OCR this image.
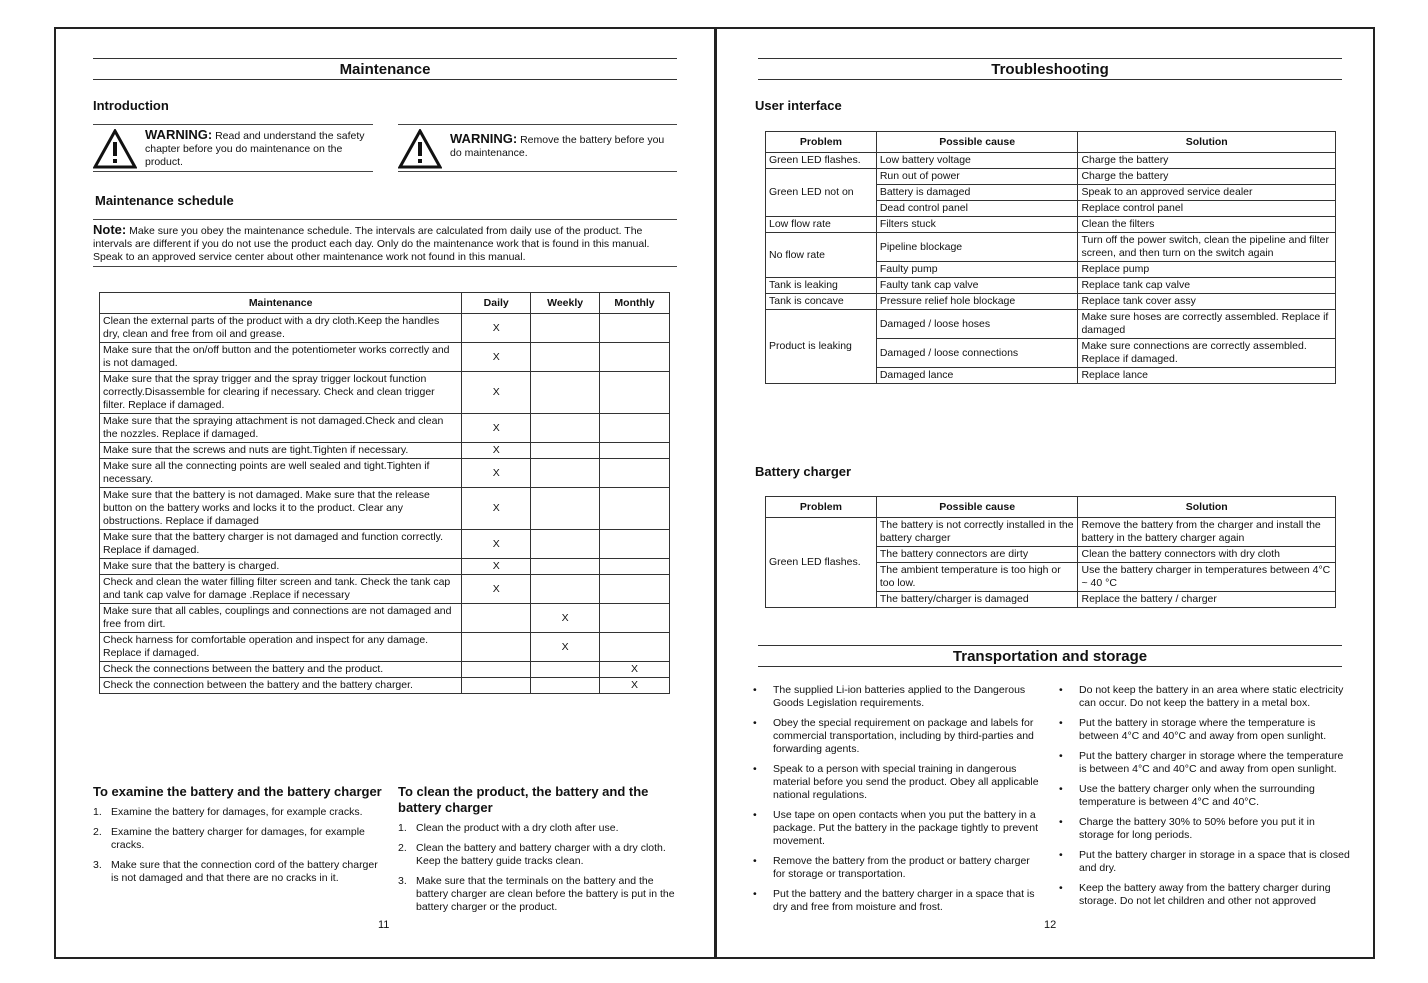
Maintenance
Introduction
WARNING: Read and understand the safety chapter before you do maintenance on the product.
WARNING: Remove the battery before you do maintenance.
Maintenance schedule
Note: Make sure you obey the maintenance schedule. The intervals are calculated from daily use of the product. The intervals are different if you do not use the product each day. Only do the maintenance work that is found in this manual. Speak to an approved service center about other maintenance work not found in this manual.
Maintenance	Daily	Weekly	Monthly
Clean the external parts of the product with a dry cloth.Keep the handles dry, clean and free from oil and grease.	X		
Make sure that the on/off button and the potentiometer works correctly and is not damaged.	X		
Make sure that the spray trigger and the spray trigger lockout function correctly.Disassemble for clearing if necessary. Check and clean trigger filter. Replace if damaged.	X		
Make sure that the spraying attachment is not damaged.Check and clean the nozzles. Replace if damaged.	X		
Make sure that the screws and nuts are tight.Tighten if necessary.	X		
Make sure all the connecting points are well sealed and tight.Tighten if necessary.	X		
Make sure that the battery is not damaged. Make sure that the release button on the battery works and locks it to the product. Clear any obstructions. Replace if damaged	X		
Make sure that the battery charger is not damaged and function correctly. Replace if damaged.	X		
Make sure that the battery is charged.	X		
Check and clean the water filling filter screen and tank. Check the tank cap and tank cap valve for damage .Replace if necessary	X		
Make sure that all cables, couplings and connections are not damaged and free from dirt.		X	
Check harness for comfortable operation and inspect for any damage. Replace if damaged.		X	
Check the connections between the battery and the product.			X
Check the connection between the battery and the battery charger.			X
To examine the battery and the battery charger
1. Examine the battery for damages, for example cracks.
2. Examine the battery charger for damages, for example cracks.
3. Make sure that the connection cord of the battery charger is not damaged and that there are no cracks in it.
To clean the product, the battery and the battery charger
1. Clean the product with a dry cloth after use.
2. Clean the battery and battery charger with a dry cloth. Keep the battery guide tracks clean.
3. Make sure that the terminals on the battery and the battery charger are clean before the battery is put in the battery charger or the product.
11
Troubleshooting
User interface
Problem	Possible cause	Solution
Green LED flashes.	Low battery voltage	Charge the battery
Green LED not on	Run out of power	Charge the battery
	Battery is damaged	Speak to an approved service dealer
	Dead control panel	Replace control panel
Low flow rate	Filters stuck	Clean the filters
No flow rate	Pipeline blockage	Turn off the power switch, clean the pipeline and filter screen, and then turn on the switch again
	Faulty pump	Replace pump
Tank is leaking	Faulty tank cap valve	Replace tank cap valve
Tank is concave	Pressure relief hole blockage	Replace tank cover assy
Product is leaking	Damaged / loose hoses	Make sure hoses are correctly assembled. Replace if damaged
	Damaged / loose connections	Make sure connections are correctly assembled. Replace if damaged.
	Damaged lance	Replace lance
Battery charger
Problem	Possible cause	Solution
Green LED flashes.	The battery is not correctly installed in the battery charger	Remove the battery from the charger and install the battery in the battery charger again
	The battery connectors are dirty	Clean the battery connectors with dry cloth
	The ambient temperature is too high or too low.	Use the battery charger in temperatures between 4°C ~ 40 °C
	The battery/charger is damaged	Replace the battery / charger
Transportation and storage
• The supplied Li-ion batteries applied to the Dangerous Goods Legislation requirements.
• Obey the special requirement on package and labels for commercial transportation, including by third-parties and forwarding agents.
• Speak to a person with special training in dangerous material before you send the product. Obey all applicable national regulations.
• Use tape on open contacts when you put the battery in a package. Put the battery in the package tightly to prevent movement.
• Remove the battery from the product or battery charger for storage or transportation.
• Put the battery and the battery charger in a space that is dry and free from moisture and frost.
• Do not keep the battery in an area where static electricity can occur. Do not keep the battery in a metal box.
• Put the battery in storage where the temperature is between 4°C and 40°C and away from open sunlight.
• Put the battery charger in storage where the temperature is between 4°C and 40°C and away from open sunlight.
• Use the battery charger only when the surrounding temperature is between 4°C and 40°C.
• Charge the battery 30% to 50% before you put it in storage for long periods.
• Put the battery charger in storage in a space that is closed and dry.
• Keep the battery away from the battery charger during storage. Do not let children and other not approved
12
